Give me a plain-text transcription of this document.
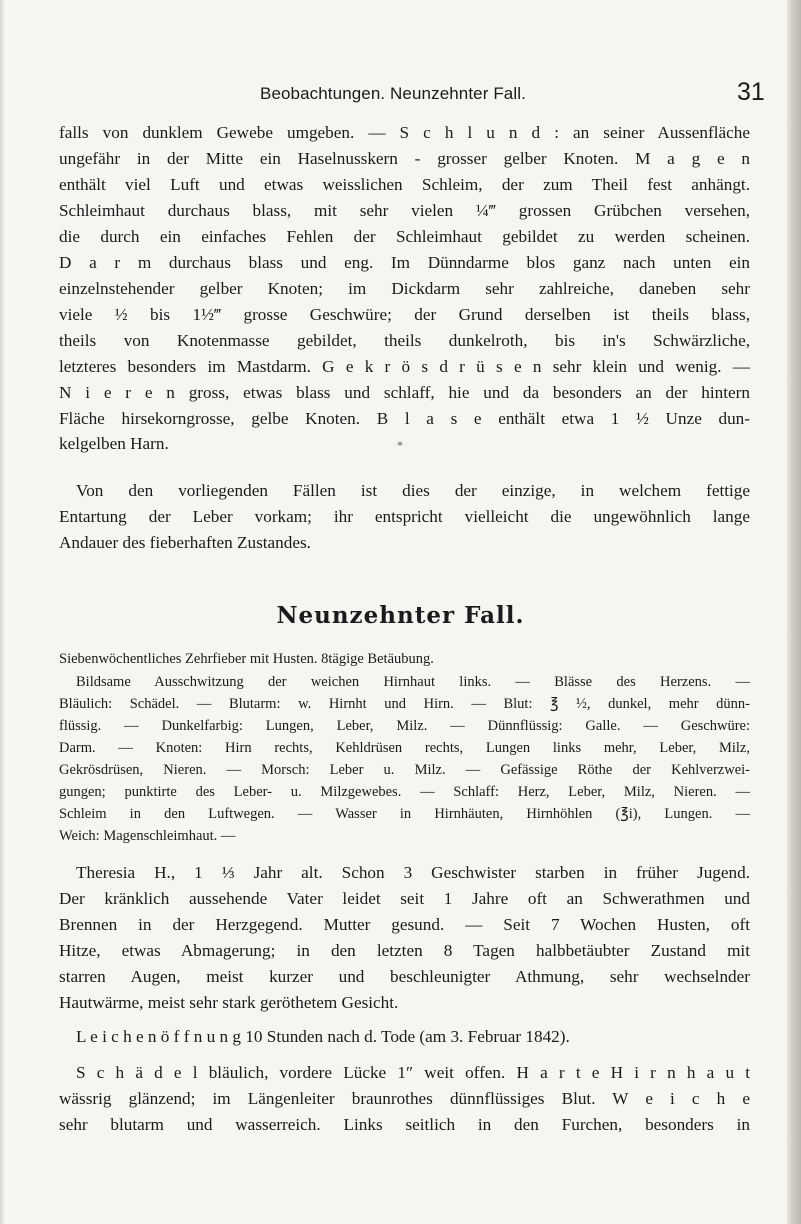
Beobachtungen. Neunzehnter Fall.	31
falls von dunklem Gewebe umgeben. — S c h l u n d : an seiner Aussenfläche
ungefähr in der Mitte ein Haselnusskern - grosser gelber Knoten. M a g e n
enthält viel Luft und etwas weisslichen Schleim, der zum Theil fest anhängt.
Schleimhaut durchaus blass, mit sehr vielen ¼‴ grossen Grübchen versehen,
die durch ein einfaches Fehlen der Schleimhaut gebildet zu werden scheinen.
D a r m durchaus blass und eng. Im Dünndarme blos ganz nach unten ein
einzelnstehender gelber Knoten; im Dickdarm sehr zahlreiche, daneben sehr
viele ½ bis 1½‴ grosse Geschwüre; der Grund derselben ist theils blass,
theils von Knotenmasse gebildet, theils dunkelroth, bis in's Schwärzliche,
letzteres besonders im Mastdarm. G e k r ö s d r ü s e n sehr klein und wenig. —
N i e r e n gross, etwas blass und schlaff, hie und da besonders an der hintern
Fläche hirsekorngrosse, gelbe Knoten. B l a s e enthält etwa 1 ½ Unze dun-
kelgelben Harn.	*
Von den vorliegenden Fällen ist dies der einzige, in welchem fettige
Entartung der Leber vorkam; ihr entspricht vielleicht die ungewöhnlich lange
Andauer des fieberhaften Zustandes.
Neunzehnter Fall.
Siebenwöchentliches Zehrfieber mit Husten. 8tägige Betäubung.
Bildsame Ausschwitzung der weichen Hirnhaut links. — Blässe des Herzens. —
Bläulich: Schädel. — Blutarm: w. Hirnht und Hirn. — Blut: ℥ ½, dunkel, mehr dünn-
flüssig. — Dunkelfarbig: Lungen, Leber, Milz. — Dünnflüssig: Galle. — Geschwüre:
Darm. — Knoten: Hirn rechts, Kehldrüsen rechts, Lungen links mehr, Leber, Milz,
Gekrösdrüsen, Nieren. — Morsch: Leber u. Milz. — Gefässige Röthe der Kehlverzwei-
gungen; punktirte des Leber- u. Milzgewebes. — Schlaff: Herz, Leber, Milz, Nieren. —
Schleim in den Luftwegen. — Wasser in Hirnhäuten, Hirnhöhlen (℥i), Lungen. —
Weich: Magenschleimhaut. —
Theresia H., 1 ⅓ Jahr alt. Schon 3 Geschwister starben in früher Jugend.
Der kränklich aussehende Vater leidet seit 1 Jahre oft an Schwerathmen und
Brennen in der Herzgegend. Mutter gesund. — Seit 7 Wochen Husten, oft
Hitze, etwas Abmagerung; in den letzten 8 Tagen halbbetäubter Zustand mit
starren Augen, meist kurzer und beschleunigter Athmung, sehr wechselnder
Hautwärme, meist sehr stark geröthetem Gesicht.
L e i c h e n ö f f n u n g 10 Stunden nach d. Tode (am 3. Februar 1842).
S c h ä d e l bläulich, vordere Lücke 1″ weit offen. H a r t e H i r n h a u t
wässrig glänzend; im Längenleiter braunrothes dünnflüssiges Blut. W e i c h e
sehr blutarm und wasserreich. Links seitlich in den Furchen, besonders in
